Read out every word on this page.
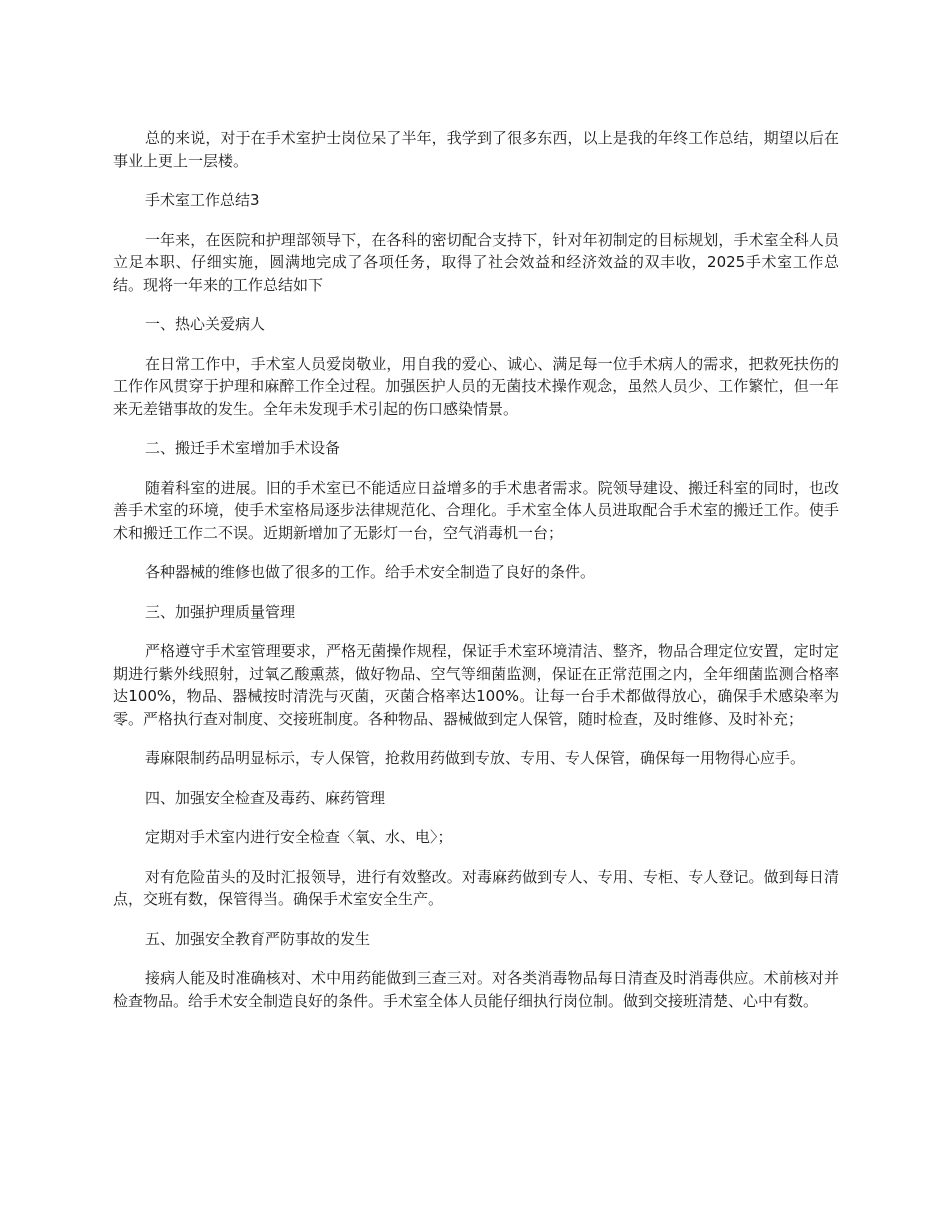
总的来说，对于在手术室护士岗位呆了半年，我学到了很多东西，以上是我的年终工作总结，期望以后在事业上更上一层楼。

手术室工作总结3

一年来，在医院和护理部领导下，在各科的密切配合支持下，针对年初制定的目标规划，手术室全科人员立足本职、仔细实施，圆满地完成了各项任务，取得了社会效益和经济效益的双丰收，2025手术室工作总结。现将一年来的工作总结如下

一、热心关爱病人

在日常工作中，手术室人员爱岗敬业，用自我的爱心、诚心、满足每一位手术病人的需求，把救死扶伤的工作作风贯穿于护理和麻醉工作全过程。加强医护人员的无菌技术操作观念，虽然人员少、工作繁忙，但一年来无差错事故的发生。全年未发现手术引起的伤口感染情景。

二、搬迁手术室增加手术设备

随着科室的进展。旧的手术室已不能适应日益增多的手术患者需求。院领导建设、搬迁科室的同时，也改善手术室的环境，使手术室格局逐步法律规范化、合理化。手术室全体人员进取配合手术室的搬迁工作。使手术和搬迁工作二不误。近期新增加了无影灯一台，空气消毒机一台；

各种器械的维修也做了很多的工作。给手术安全制造了良好的条件。

三、加强护理质量管理

严格遵守手术室管理要求，严格无菌操作规程，保证手术室环境清洁、整齐，物品合理定位安置，定时定期进行紫外线照射，过氧乙酸熏蒸，做好物品、空气等细菌监测，保证在正常范围之内，全年细菌监测合格率达100%，物品、器械按时清洗与灭菌，灭菌合格率达100%。让每一台手术都做得放心，确保手术感染率为零。严格执行查对制度、交接班制度。各种物品、器械做到定人保管，随时检查，及时维修、及时补充；

毒麻限制药品明显标示，专人保管，抢救用药做到专放、专用、专人保管，确保每一用物得心应手。

四、加强安全检查及毒药、麻药管理

定期对手术室内进行安全检查〈氧、水、电〉；

对有危险苗头的及时汇报领导，进行有效整改。对毒麻药做到专人、专用、专柜、专人登记。做到每日清点，交班有数，保管得当。确保手术室安全生产。

五、加强安全教育严防事故的发生

接病人能及时准确核对、术中用药能做到三查三对。对各类消毒物品每日清查及时消毒供应。术前核对并检查物品。给手术安全制造良好的条件。手术室全体人员能仔细执行岗位制。做到交接班清楚、心中有数。
